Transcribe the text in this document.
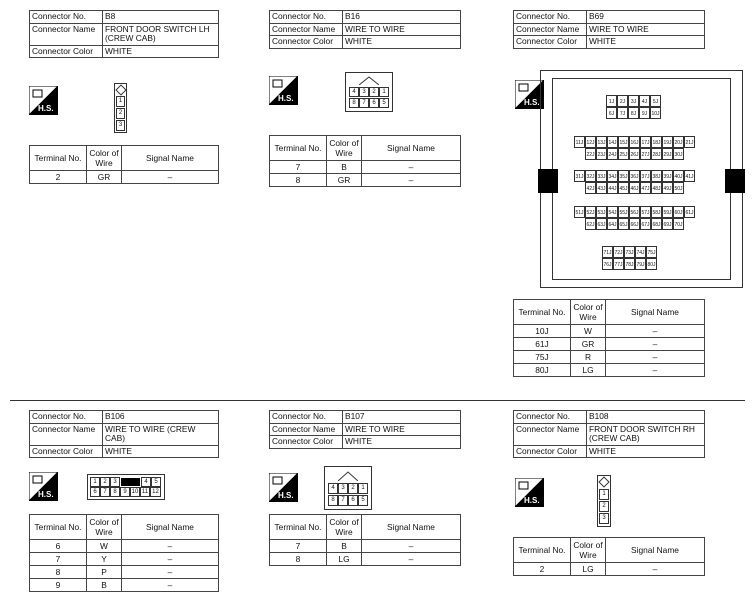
Connector No.	B8
Connector Name	FRONT DOOR SWITCH LH (CREW CAB)
Connector Color	WHITE
H.S.
1
2
3
Terminal No.	Color of Wire	Signal Name
2	GR	–
Connector No.	B16
Connector Name	WIRE TO WIRE
Connector Color	WHITE
H.S.
4	3	2	1
8	7	6	5
Terminal No.	Color of Wire	Signal Name
7	B	–
8	GR	–
Connector No.	B69
Connector Name	WIRE TO WIRE
Connector Color	WHITE
H.S.	1J	2J	3J	4J	5J
6J	7J	8J	9J 10J
11J 12J 13J 14J 15J 16J 17J 18J 19J 20J 21J
22J 23J 24J 25J 26J 27J 28J 29J 30J
31J 32J 33J 34J 35J 36J 37J 38J 39J 40J 41J
42J 43J 44J 45J 46J 47J 48J 49J 50J
51J 52J 53J 54J 55J 56J 57J 58J 59J 60J 61J
62J 63J 64J 65J 66J 67J 68J 69J 70J
71J 72J 73J 74J 75J
76J 77J 78J 79J 80J
Terminal No.	Color of Wire	Signal Name
10J	W	–
61J	GR	–
75J	R	–
80J	LG	–
Connector No.	B106
Connector Name	WIRE TO WIRE (CREW CAB)
Connector Color	WHITE
H.S.
1	2	3	4	5
6	7	8	9 10 11 12
Terminal No.	Color of Wire	Signal Name
6	W	–
7	Y	–
8	P	–
9	B	–
Connector No.	B107
Connector Name	WIRE TO WIRE
Connector Color	WHITE
H.S.
4	3	2	1
8	7	6	5
Terminal No.	Color of Wire	Signal Name
7	B	–
8	LG	–
Connector No.	B108
Connector Name	FRONT DOOR SWITCH RH (CREW CAB)
Connector Color	WHITE
H.S.
1
2
3
Terminal No.	Color of Wire	Signal Name
2	LG	–
